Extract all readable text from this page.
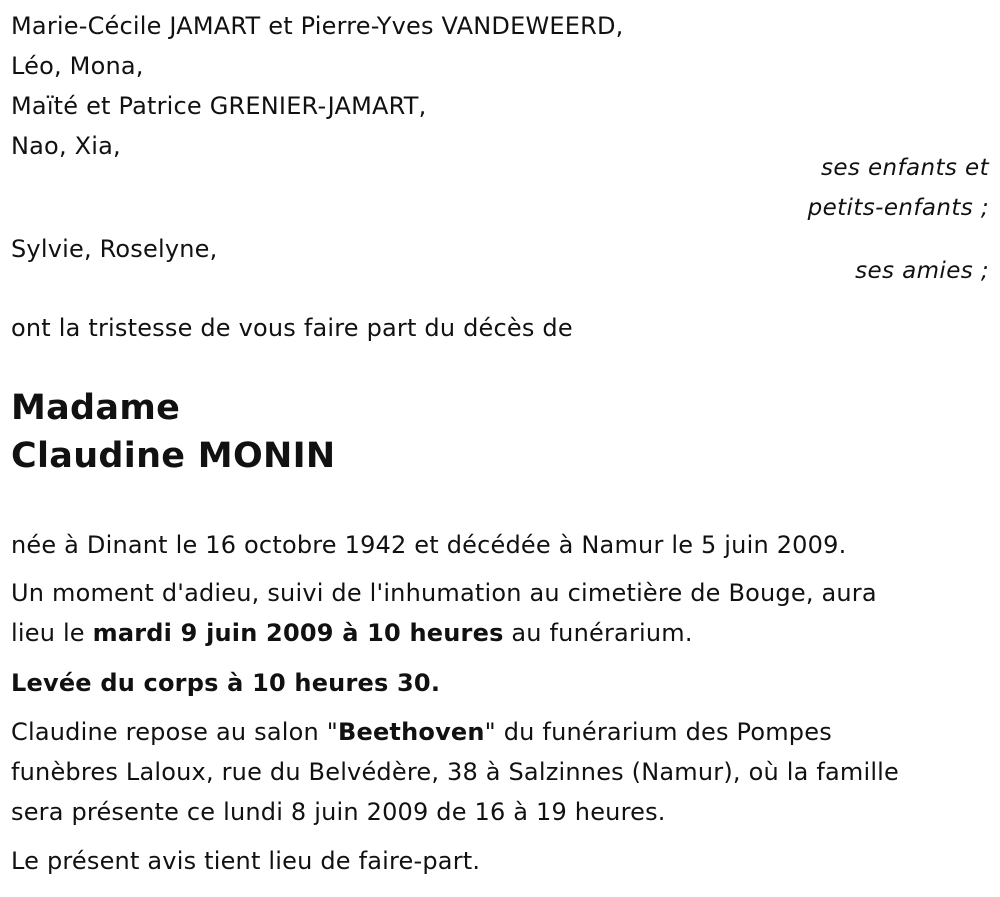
Marie-Cécile JAMART et Pierre-Yves VANDEWEERD,
Léo, Mona,
Maïté et Patrice GRENIER-JAMART,
Nao, Xia,
ses enfants et
petits-enfants ;
Sylvie, Roselyne,
ses amies ;
ont la tristesse de vous faire part du décès de
Madame
Claudine MONIN
née à Dinant le 16 octobre 1942 et décédée à Namur le 5 juin 2009.
Un moment d'adieu, suivi de l'inhumation au cimetière de Bouge, aura
lieu le mardi 9 juin 2009 à 10 heures au funérarium.
Levée du corps à 10 heures 30.
Claudine repose au salon "Beethoven" du funérarium des Pompes
funèbres Laloux, rue du Belvédère, 38 à Salzinnes (Namur), où la famille
sera présente ce lundi 8 juin 2009 de 16 à 19 heures.
Le présent avis tient lieu de faire-part.
